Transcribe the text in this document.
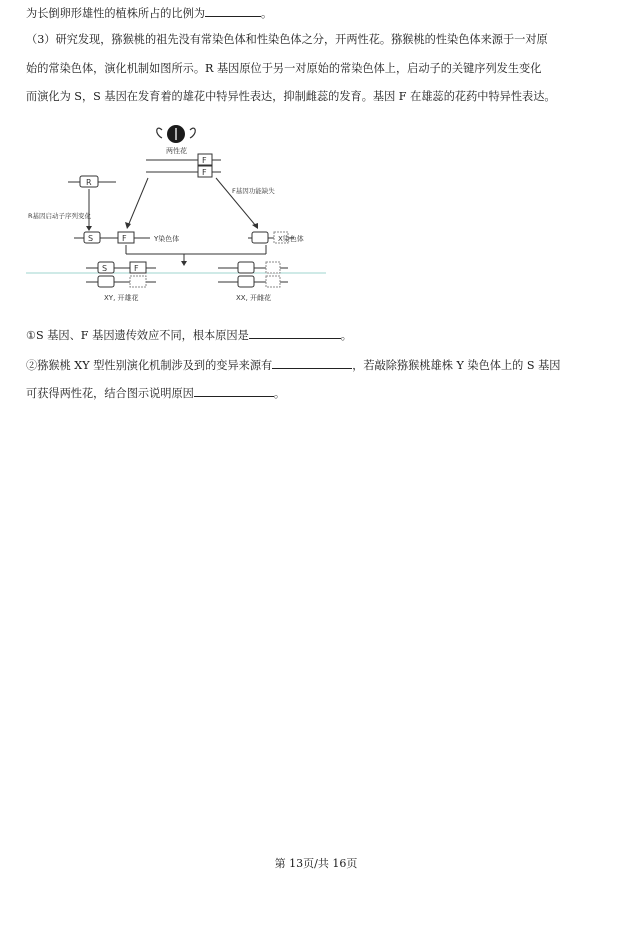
为长倒卵形雄性的植株所占的比例为	。
（3）研究发现，猕猴桃的祖先没有常染色体和性染色体之分，开两性花。猕猴桃的性染色体来源于一对原
始的常染色体，演化机制如图所示。R 基因原位于另一对原始的常染色体上，启动子的关键序列发生变化
而演化为 S，S 基因在发育着的雄花中特异性表达，抑制雌蕊的发育。基因 F 在雄蕊的花药中特异性表达。
两性花
F
F
R
R基因启动子序列变化
F基因功能缺失
S	F	Y染色体	X染色体
S	F
XY, 开雄花	XX, 开雌花
①S 基因、F 基因遗传效应不同，根本原因是	。
②猕猴桃 XY 型性别演化机制涉及到的变异来源有	，若敲除猕猴桃雄株 Y 染色体上的 S 基因
可获得两性花，结合图示说明原因	。
第 13页/共 16页
